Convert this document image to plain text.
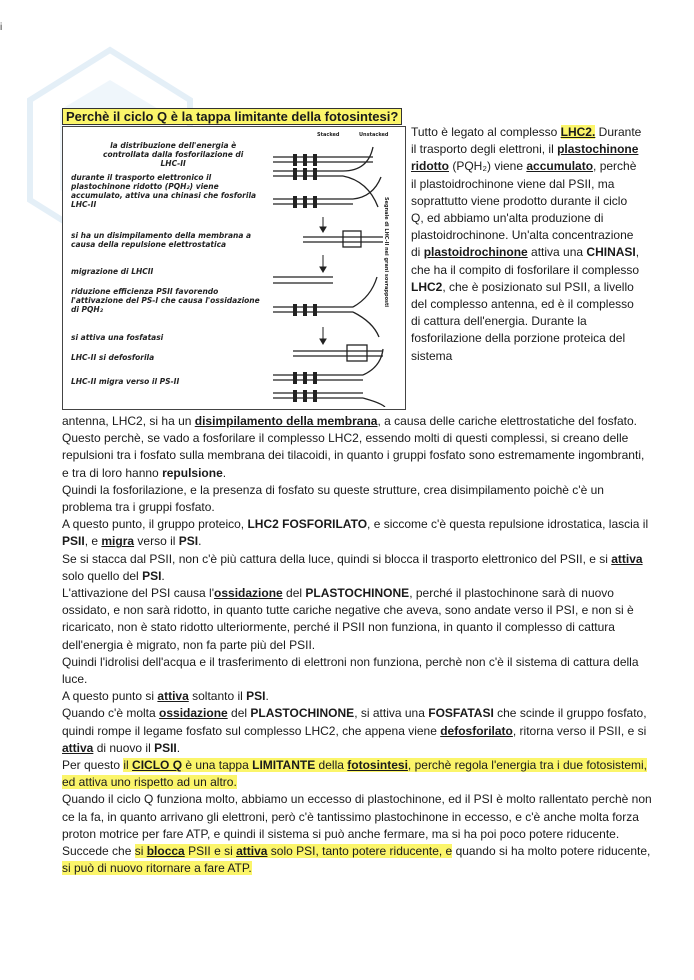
i
Perchè il ciclo Q è la tappa limitante della fotosintesi?
la distribuzione dell'energia è
controllata dalla fosforilazione di
LHC-II
durante il trasporto elettronico il
plastochinone ridotto (PQH₂) viene
accumulato, attiva una chinasi che fosforila
LHC-II
si ha un disimpilamento della membrana a
causa della repulsione elettrostatica
migrazione di LHCII
riduzione efficienza PSII favorendo
l'attivazione del PS-I che causa l'ossidazione
di PQH₂
si attiva una fosfatasi
LHC-II si defosforila
LHC-II migra verso il PS-II
Stacked	Unstacked
Segnale di LHC-II nei grani sovrapposti

Tutto è legato al complesso LHC2. Durante il trasporto degli elettroni, il plastochinone ridotto (PQH₂) viene accumulato, perchè il plastoidrochinone viene dal PSII, ma soprattutto viene prodotto durante il ciclo Q, ed abbiamo un'alta produzione di plastoidrochinone. Un'alta concentrazione di plastoidrochinone attiva una CHINASI, che ha il compito di fosforilare il complesso LHC2, che è posizionato sul PSII, a livello del complesso antenna, ed è il complesso di cattura dell'energia. Durante la fosforilazione della porzione proteica del sistema

antenna, LHC2, si ha un disimpilamento della membrana, a causa delle cariche elettrostatiche del fosfato. Questo perchè, se vado a fosforilare il complesso LHC2, essendo molti di questi complessi, si creano delle repulsioni tra i fosfato sulla membrana dei tilacoidi, in quanto i gruppi fosfato sono estremamente ingombranti, e tra di loro hanno repulsione.

Quindi la fosforilazione, e la presenza di fosfato su queste strutture, crea disimpilamento poichè c'è un problema tra i gruppi fosfato.

A questo punto, il gruppo proteico, LHC2 FOSFORILATO, e siccome c'è questa repulsione idrostatica, lascia il PSII, e migra verso il PSI.

Se si stacca dal PSII, non c'è più cattura della luce, quindi si blocca il trasporto elettronico del PSII, e si attiva solo quello del PSI.

L'attivazione del PSI causa l'ossidazione del PLASTOCHINONE, perché il plastochinone sarà di nuovo ossidato, e non sarà ridotto, in quanto tutte cariche negative che aveva, sono andate verso il PSI, e non si è ricaricato, non è stato ridotto ulteriormente, perché il PSII non funziona, in quanto il complesso di cattura dell'energia è migrato, non fa parte più del PSII.

Quindi l'idrolisi dell'acqua e il trasferimento di elettroni non funziona, perchè non c'è il sistema di cattura della luce.

A questo punto si attiva soltanto il PSI.

Quando c'è molta ossidazione del PLASTOCHINONE, si attiva una FOSFATASI che scinde il gruppo fosfato, quindi rompe il legame fosfato sul complesso LHC2, che appena viene defosforilato, ritorna verso il PSII, e si attiva di nuovo il PSII.

Per questo il CICLO Q è una tappa LIMITANTE della fotosintesi, perchè regola l'energia tra i due fotosistemi, ed attiva uno rispetto ad un altro.

Quando il ciclo Q funziona molto, abbiamo un eccesso di plastochinone, ed il PSI è molto rallentato perchè non ce la fa, in quanto arrivano gli elettroni, però c'è tantissimo plastochinone in eccesso, e c'è anche molta forza proton motrice per fare ATP, e quindi il sistema si può anche fermare, ma si ha poi poco potere riducente.

Succede che si blocca PSII e si attiva solo PSI, tanto potere riducente, e quando si ha molto potere riducente, si può di nuovo ritornare a fare ATP.
